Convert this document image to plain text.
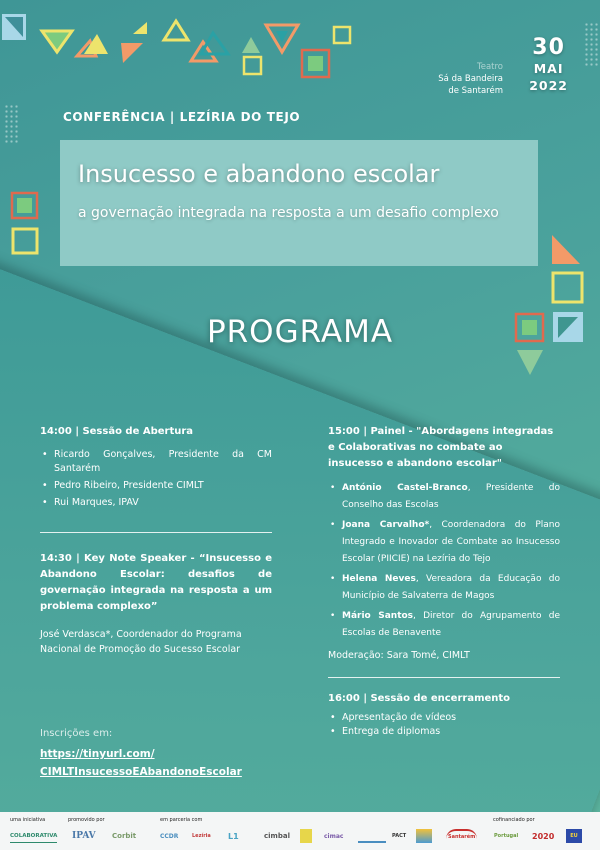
Teatro
Sá da Bandeira
de Santarém
30
MAI
2022
CONFERÊNCIA | LEZÍRIA DO TEJO
Insucesso e abandono escolar
a governação integrada na resposta a um desafio complexo
PROGRAMA
14:00 | Sessão de Abertura
• Ricardo Gonçalves, Presidente da CM Santarém
• Pedro Ribeiro, Presidente CIMLT
• Rui Marques, IPAV
14:30 | Key Note Speaker - “Insucesso e Abandono Escolar: desafios de governação integrada na resposta a um problema complexo”
José Verdasca*, Coordenador do Programa Nacional de Promoção do Sucesso Escolar
15:00 | Painel - "Abordagens integradas e Colaborativas no combate ao insucesso e abandono escolar"
• António Castel-Branco, Presidente do Conselho das Escolas
• Joana Carvalho*, Coordenadora do Plano Integrado e Inovador de Combate ao Insucesso Escolar (PIICIE) na Lezíria do Tejo
• Helena Neves, Vereadora da Educação do Município de Salvaterra de Magos
• Mário Santos, Diretor do Agrupamento de Escolas de Benavente
Moderação: Sara Tomé, CIMLT
16:00 | Sessão de encerramento
• Apresentação de vídeos
• Entrega de diplomas
Inscrições em:
https://tinyurl.com/
CIMLTInsucessoEAbandonoEscolar
uma iniciativa	promovido por	em parceria com	cofinanciado por
COLABORATIVA IPAV Corbit	CCDR	Lezíria L1	cimbal	cimac	PACT	Santarém	Portugal 2020	EU
